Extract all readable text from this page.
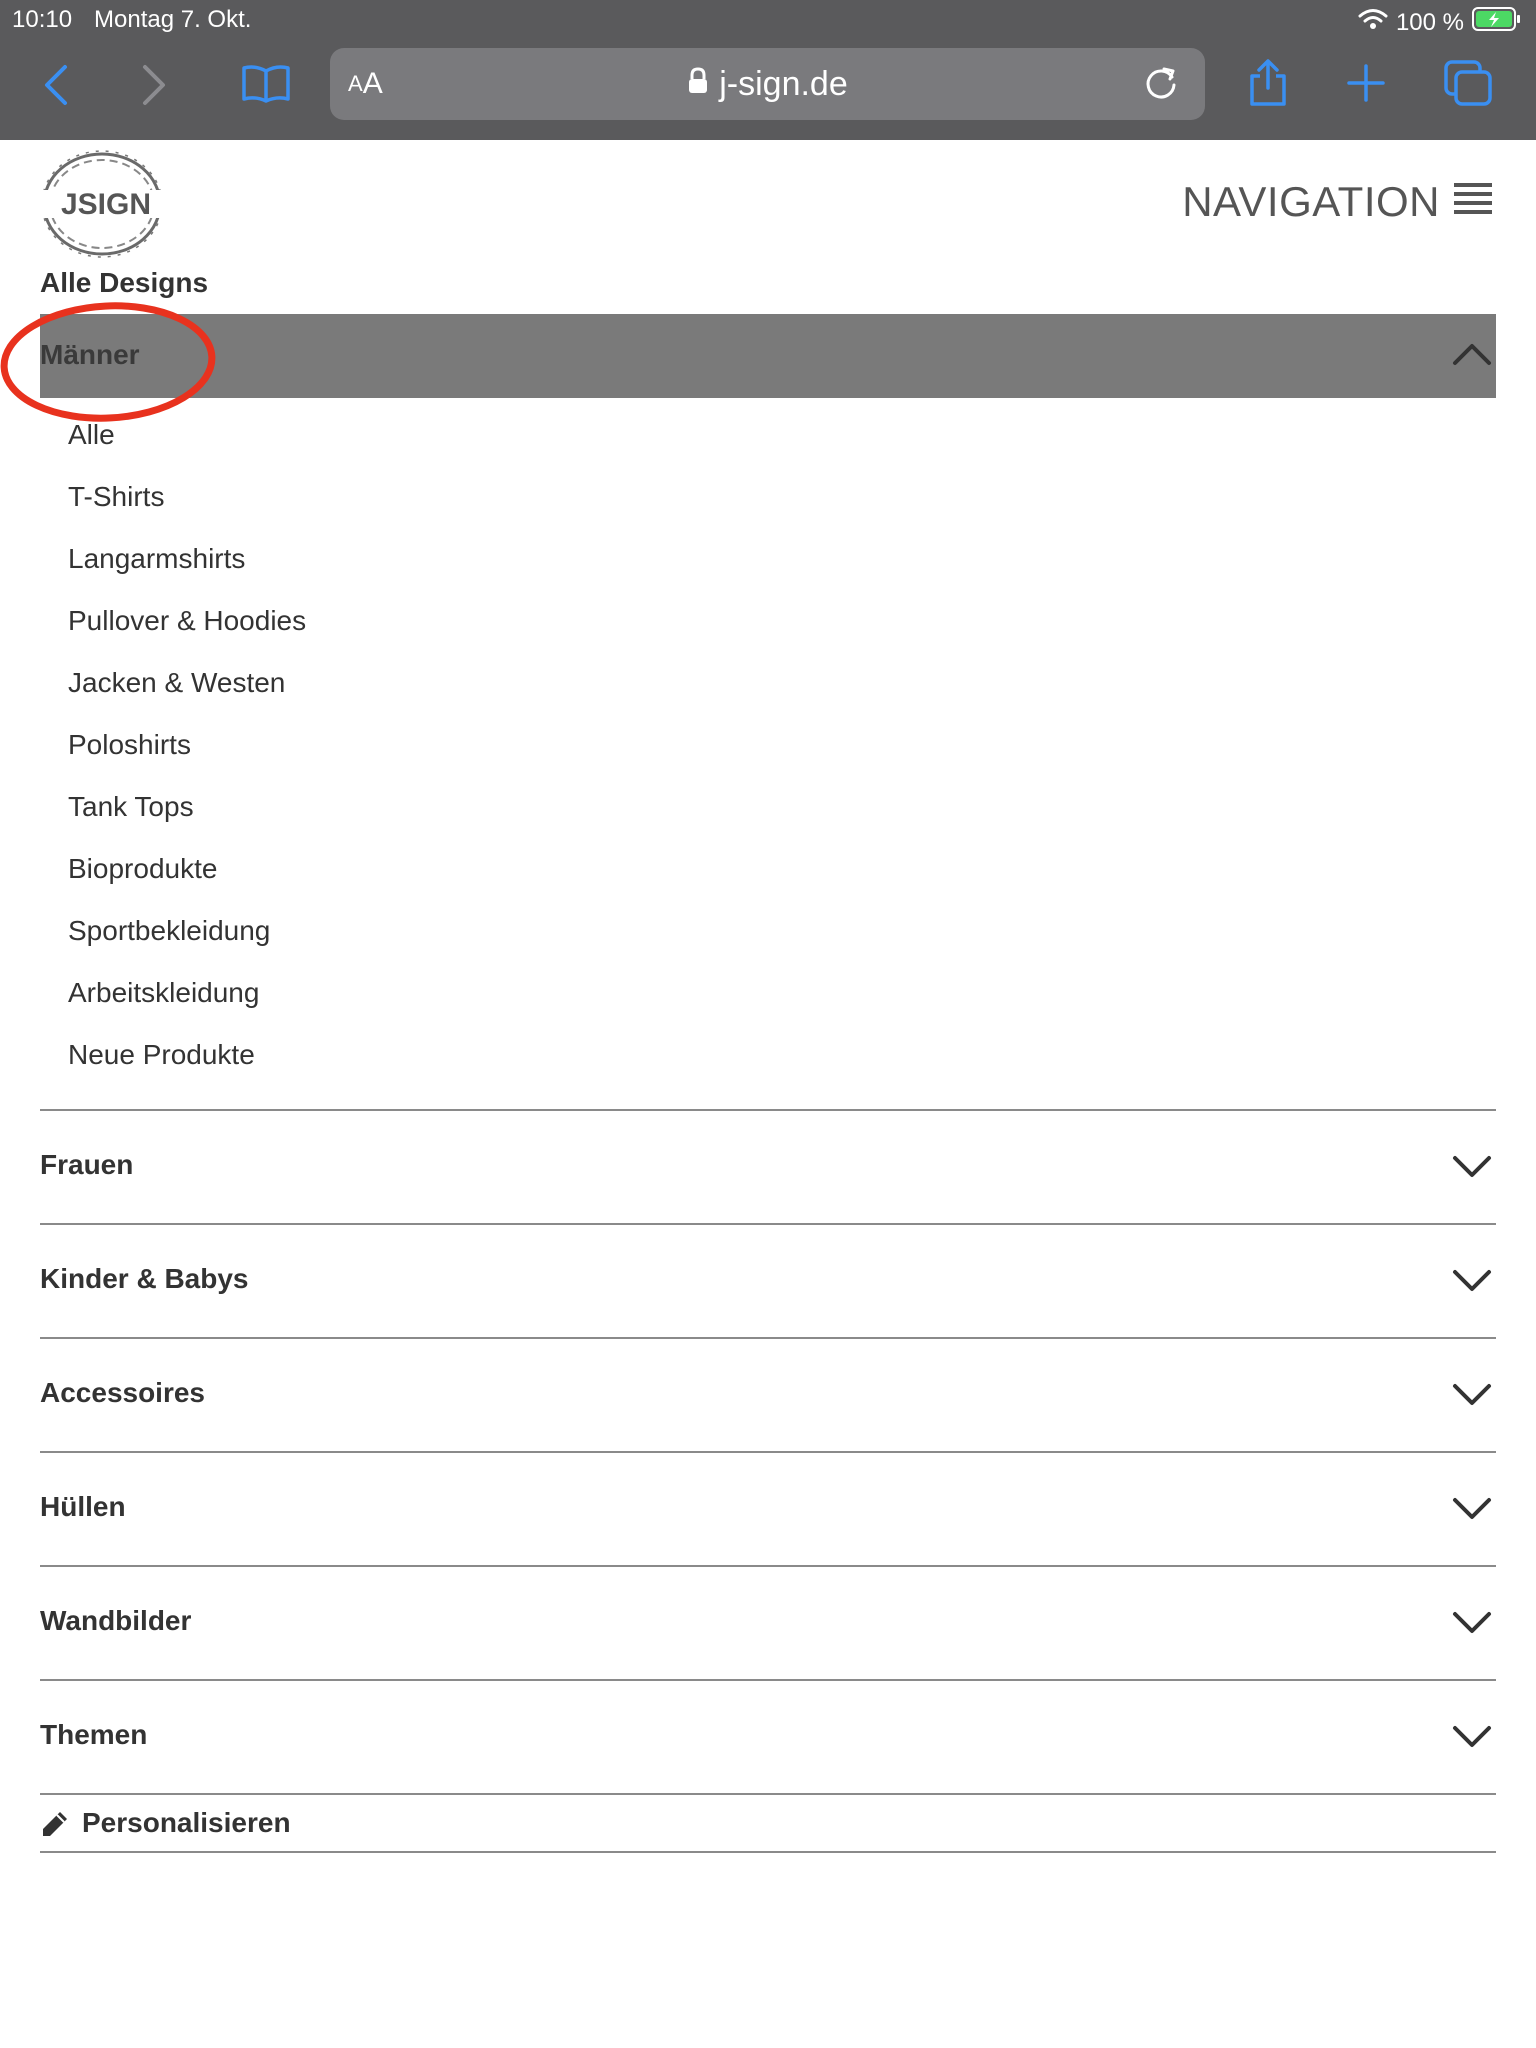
10:10 Montag 7. Okt.	100 %
A A	j-sign.de
JSIGN	NAVIGATION
Alle Designs
Männer
Alle
T-Shirts
Langarmshirts
Pullover & Hoodies
Jacken & Westen
Poloshirts
Tank Tops
Bioprodukte
Sportbekleidung
Arbeitskleidung
Neue Produkte
Frauen
Kinder & Babys
Accessoires
Hüllen
Wandbilder
Themen
Personalisieren
